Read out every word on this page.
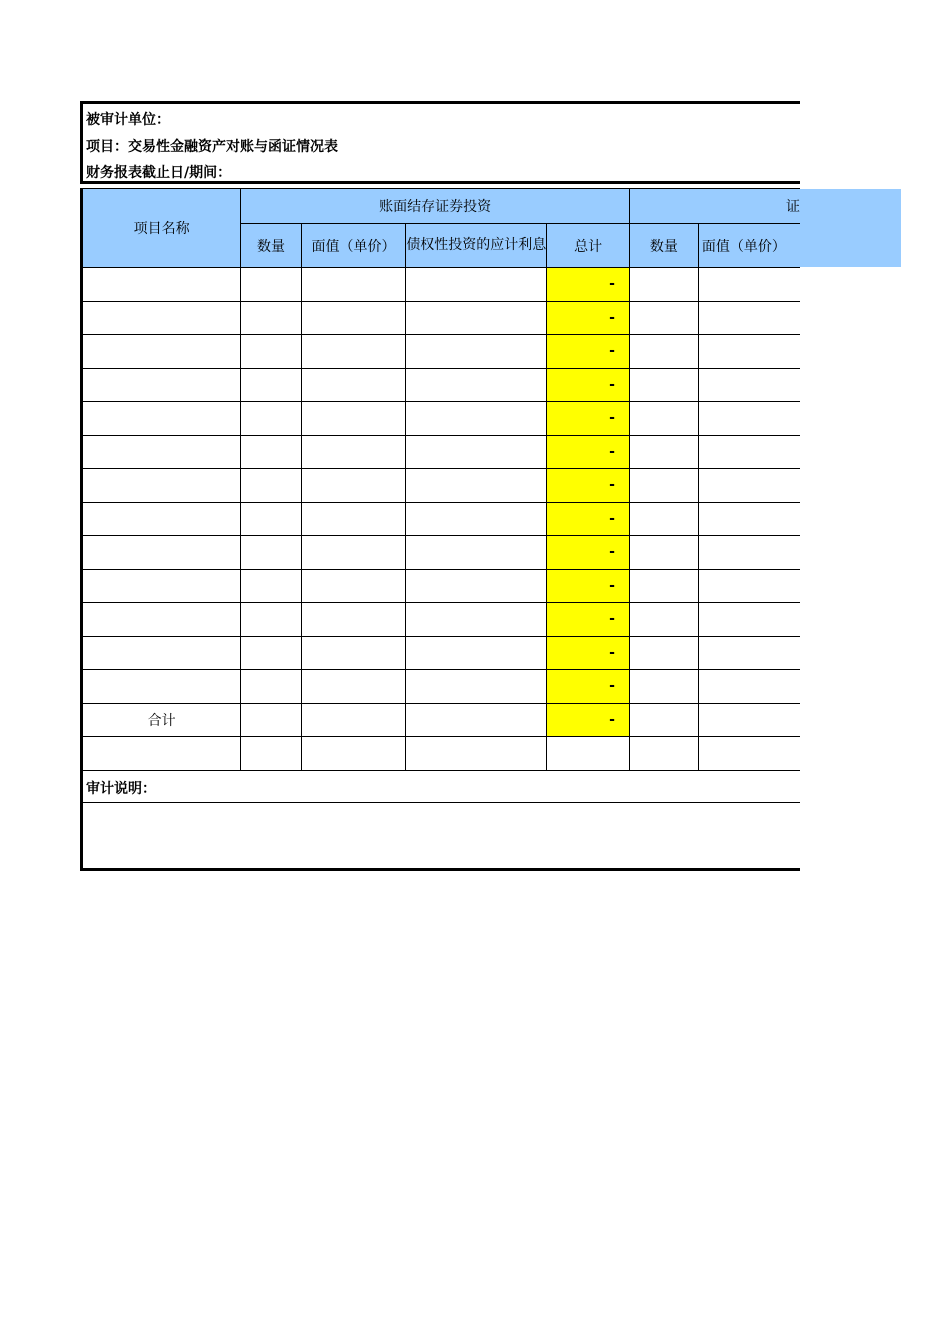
被审计单位：
项目：交易性金融资产对账与函证情况表
财务报表截止日/期间：
项目名称	账面结存证券投资				证	
	数量	面值（单价）	债权性投资的应计利息	总计	数量	面值（单价）
				-		
				-		
				-		
				-		
				-		
				-		
				-		
				-		
				-		
				-		
				-		
				-		
				-		
合计				-		

审计说明：
